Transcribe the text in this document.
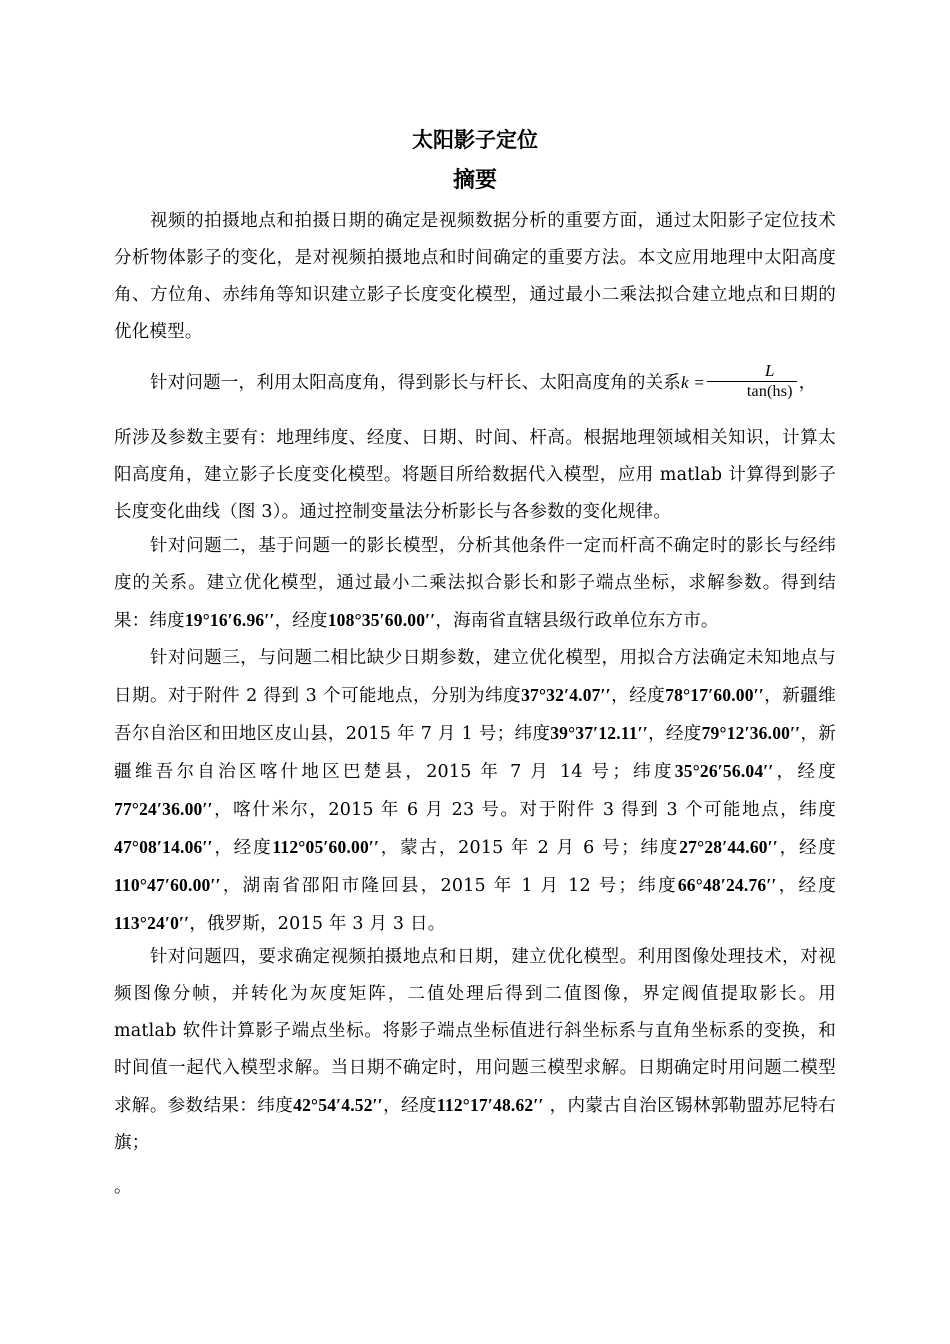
太阳影子定位
摘要
视频的拍摄地点和拍摄日期的确定是视频数据分析的重要方面，通过太阳影子定位技术分析物体影子的变化，是对视频拍摄地点和时间确定的重要方法。本文应用地理中太阳高度角、方位角、赤纬角等知识建立影子长度变化模型，通过最小二乘法拟合建立地点和日期的优化模型。
针对问题一，利用太阳高度角，得到影长与杆长、太阳高度角的关系$k = \frac{L}{\tan(hs)}$ ，
所涉及参数主要有：地理纬度、经度、日期、时间、杆高。根据地理领域相关知识，计算太阳高度角，建立影子长度变化模型。将题目所给数据代入模型，应用 matlab 计算得到影子长度变化曲线（图 3）。通过控制变量法分析影长与各参数的变化规律。
针对问题二，基于问题一的影长模型，分析其他条件一定而杆高不确定时的影长与经纬度的关系。建立优化模型，通过最小二乘法拟合影长和影子端点坐标，求解参数。得到结果：纬度19°16′6.96′′，经度108°35′60.00′′，海南省直辖县级行政单位东方市。
针对问题三，与问题二相比缺少日期参数，建立优化模型，用拟合方法确定未知地点与日期。对于附件 2 得到 3 个可能地点，分别为纬度37°32′4.07′′，经度78°17′60.00′′，新疆维吾尔自治区和田地区皮山县，2015 年 7 月 1 号；纬度39°37′12.11′′，经度79°12′36.00′′，新疆维吾尔自治区喀什地区巴楚县，2015 年 7 月 14 号；纬度35°26′56.04′′，经度77°24′36.00′′，喀什米尔，2015 年 6 月 23 号。对于附件 3 得到 3 个可能地点，纬度47°08′14.06′′，经度112°05′60.00′′，蒙古，2015 年 2 月 6 号；纬度27°28′44.60′′，经度110°47′60.00′′，湖南省邵阳市隆回县，2015 年 1 月 12 号；纬度66°48′24.76′′，经度113°24′0′′，俄罗斯，2015 年 3 月 3 日。
针对问题四，要求确定视频拍摄地点和日期，建立优化模型。利用图像处理技术，对视频图像分帧，并转化为灰度矩阵，二值处理后得到二值图像，界定阀值提取影长。用 matlab 软件计算影子端点坐标。将影子端点坐标值进行斜坐标系与直角坐标系的变换，和时间值一起代入模型求解。当日期不确定时，用问题三模型求解。日期确定时用问题二模型求解。参数结果：纬度42°54′4.52′′，经度112°17′48.62′′ ，内蒙古自治区锡林郭勒盟苏尼特右旗；
。
